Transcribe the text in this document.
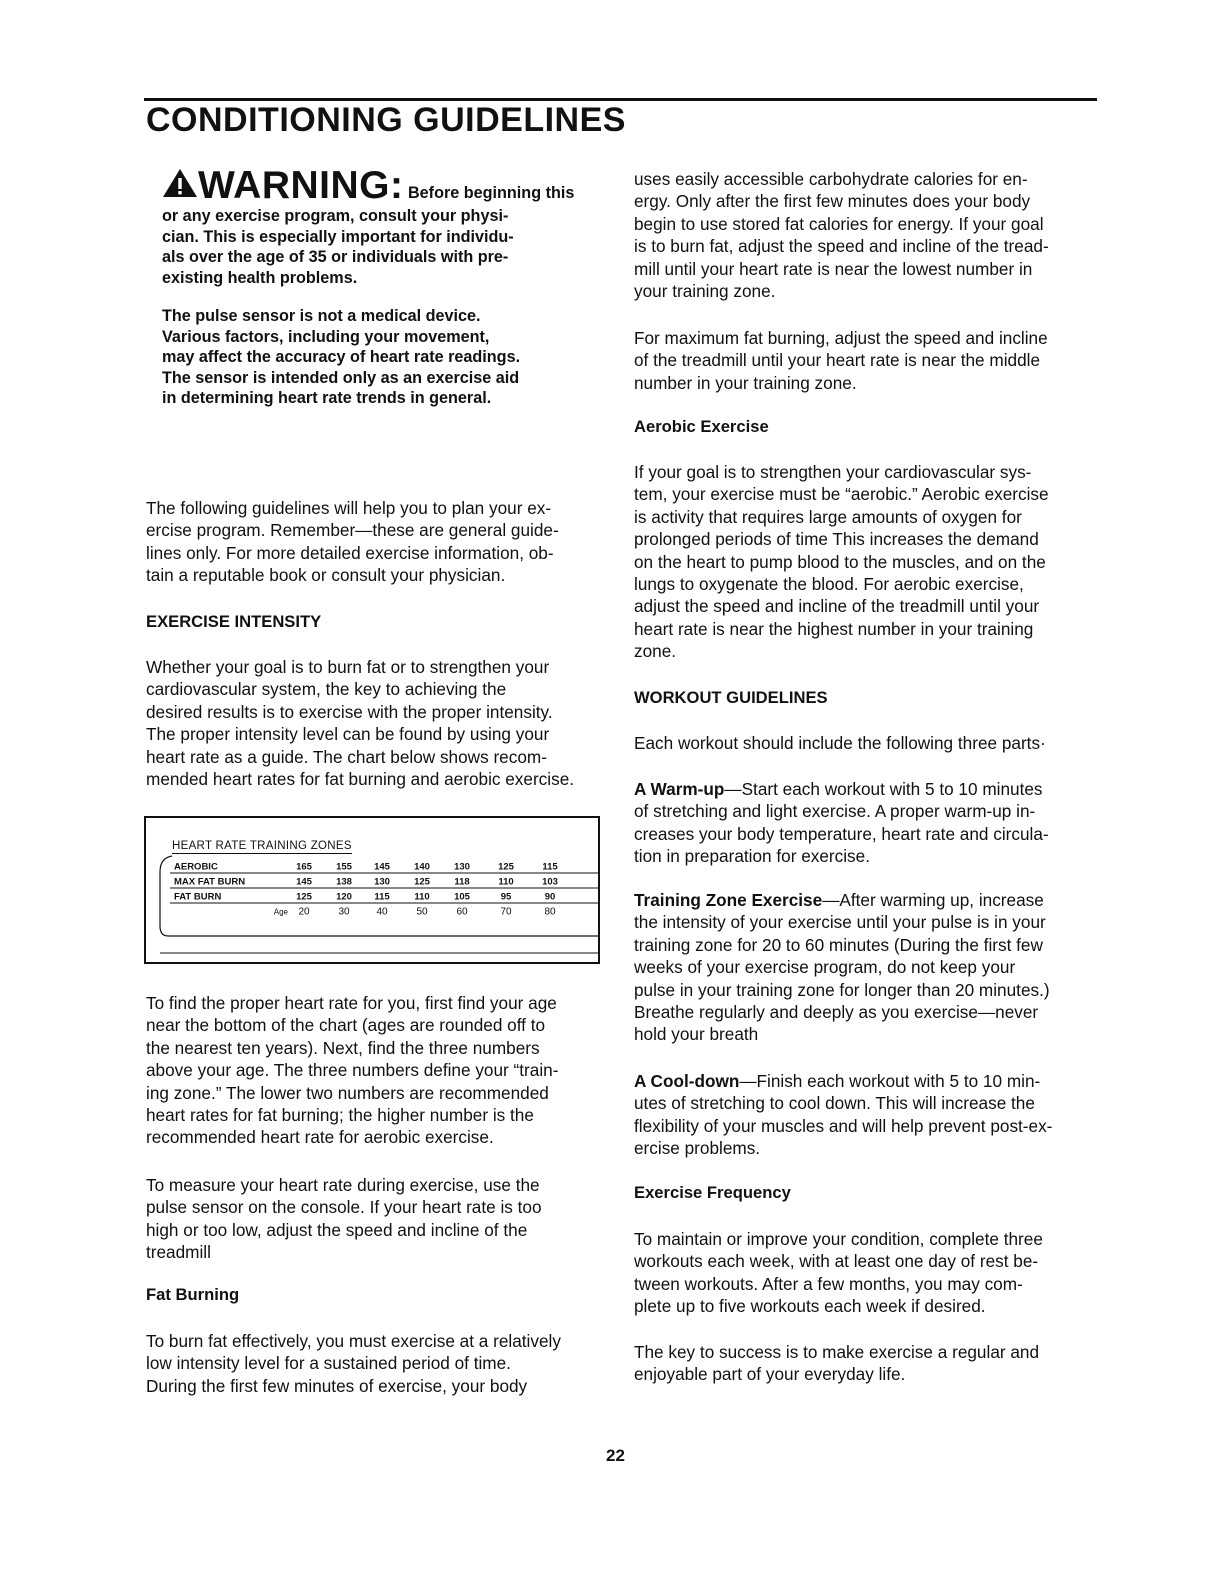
CONDITIONING GUIDELINES
WARNING: Before beginning this
or any exercise program, consult your physi-
cian. This is especially important for individu-
als over the age of 35 or individuals with pre-
existing health problems.
The pulse sensor is not a medical device.
Various factors, including your movement,
may affect the accuracy of heart rate readings.
The sensor is intended only as an exercise aid
in determining heart rate trends in general.

The following guidelines will help you to plan your ex-

ercise program. Remember—these are general guide-

lines only. For more detailed exercise information, ob-

tain a reputable book or consult your physician.

EXERCISE INTENSITY

Whether your goal is to burn fat or to strengthen your

cardiovascular system, the key to achieving the

desired results is to exercise with the proper intensity.

The proper intensity level can be found by using your

heart rate as a guide. The chart below shows recom-

mended heart rates for fat burning and aerobic exercise.

AEROBIC	165	155 145	140	130	125	115
MAX FAT BURN	145	138 130	125	118	110	103
FAT BURN	125	120 115	110	105	95	90
Age 20	30	40	50	60	70	80
HEART RATE TRAINING ZONES

To find the proper heart rate for you, first find your age

near the bottom of the chart (ages are rounded off to

the nearest ten years). Next, find the three numbers

above your age. The three numbers define your “train-

ing zone.” The lower two numbers are recommended

heart rates for fat burning; the higher number is the

recommended heart rate for aerobic exercise.

To measure your heart rate during exercise, use the

pulse sensor on the console. If your heart rate is too

high or too low, adjust the speed and incline of the

treadmill

Fat Burning

To burn fat effectively, you must exercise at a relatively

low intensity level for a sustained period of time.

During the first few minutes of exercise, your body

uses easily accessible carbohydrate calories for en-

ergy. Only after the first few minutes does your body

begin to use stored fat calories for energy. If your goal

is to burn fat, adjust the speed and incline of the tread-

mill until your heart rate is near the lowest number in

your training zone.

For maximum fat burning, adjust the speed and incline

of the treadmill until your heart rate is near the middle

number in your training zone.

Aerobic Exercise

If your goal is to strengthen your cardiovascular sys-

tem, your exercise must be “aerobic.” Aerobic exercise

is activity that requires large amounts of oxygen for

prolonged periods of time This increases the demand

on the heart to pump blood to the muscles, and on the

lungs to oxygenate the blood. For aerobic exercise,

adjust the speed and incline of the treadmill until your

heart rate is near the highest number in your training

zone.

WORKOUT GUIDELINES

Each workout should include the following three parts·

A Warm-up—Start each workout with 5 to 10 minutes

of stretching and light exercise. A proper warm-up in-

creases your body temperature, heart rate and circula-

tion in preparation for exercise.

Training Zone Exercise—After warming up, increase

the intensity of your exercise until your pulse is in your

training zone for 20 to 60 minutes (During the first few

weeks of your exercise program, do not keep your

pulse in your training zone for longer than 20 minutes.)

Breathe regularly and deeply as you exercise—never

hold your breath

A Cool-down—Finish each workout with 5 to 10 min-

utes of stretching to cool down. This will increase the

flexibility of your muscles and will help prevent post-ex-

ercise problems.

Exercise Frequency

To maintain or improve your condition, complete three

workouts each week, with at least one day of rest be-

tween workouts. After a few months, you may com-

plete up to five workouts each week if desired.

The key to success is to make exercise a regular and

enjoyable part of your everyday life.

22
